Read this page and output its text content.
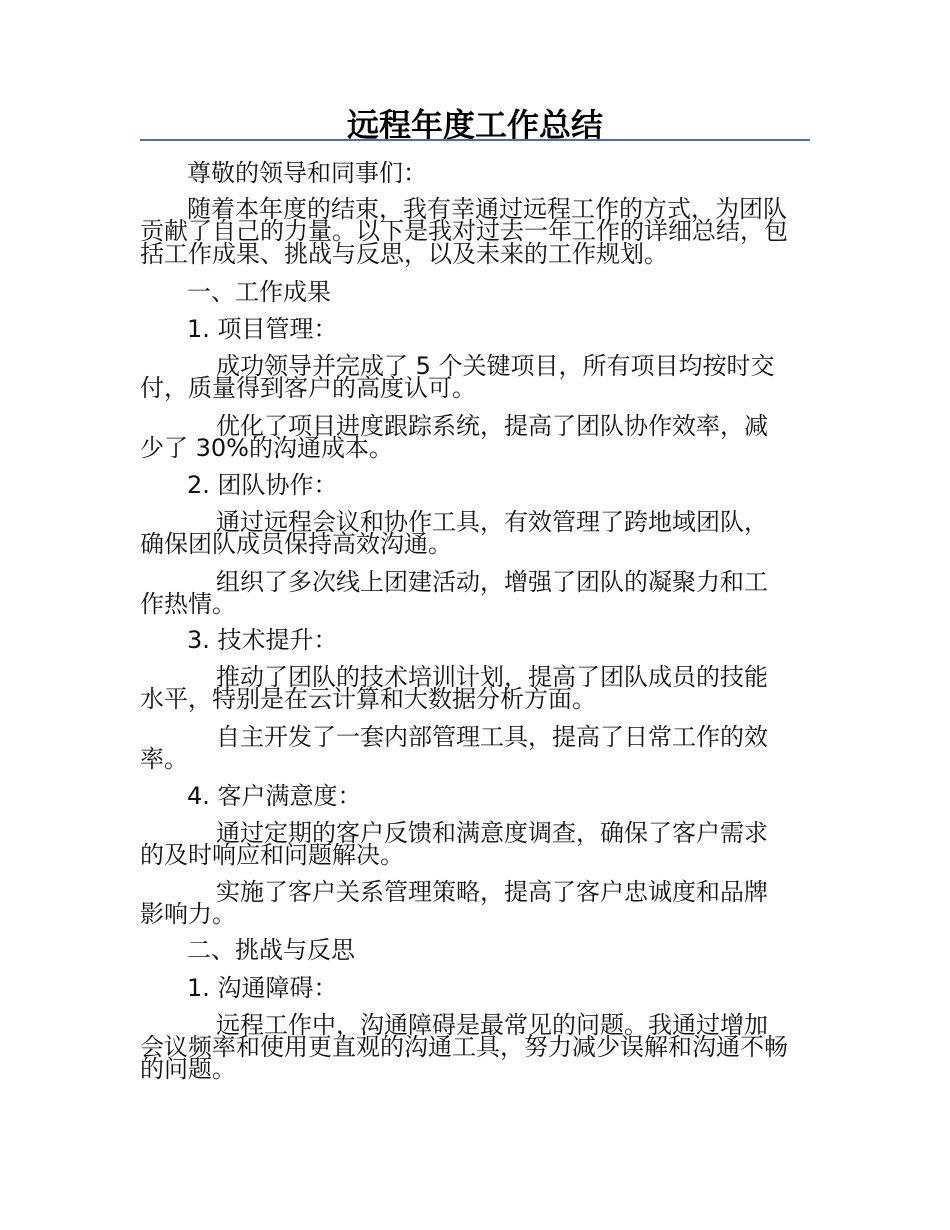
远程年度工作总结
尊敬的领导和同事们：
随着本年度的结束，我有幸通过远程工作的方式，为团队
贡献了自己的力量。以下是我对过去一年工作的详细总结，包
括工作成果、挑战与反思，以及未来的工作规划。
一、工作成果
1. 项目管理：
成功领导并完成了 5 个关键项目，所有项目均按时交
付，质量得到客户的高度认可。
优化了项目进度跟踪系统，提高了团队协作效率，减
少了 30%的沟通成本。
2. 团队协作：
通过远程会议和协作工具，有效管理了跨地域团队，
确保团队成员保持高效沟通。
组织了多次线上团建活动，增强了团队的凝聚力和工
作热情。
3. 技术提升：
推动了团队的技术培训计划，提高了团队成员的技能
水平，特别是在云计算和大数据分析方面。
自主开发了一套内部管理工具，提高了日常工作的效
率。
4. 客户满意度：
通过定期的客户反馈和满意度调查，确保了客户需求
的及时响应和问题解决。
实施了客户关系管理策略，提高了客户忠诚度和品牌
影响力。
二、挑战与反思
1. 沟通障碍：
远程工作中，沟通障碍是最常见的问题。我通过增加
会议频率和使用更直观的沟通工具，努力减少误解和沟通不畅
的问题。
